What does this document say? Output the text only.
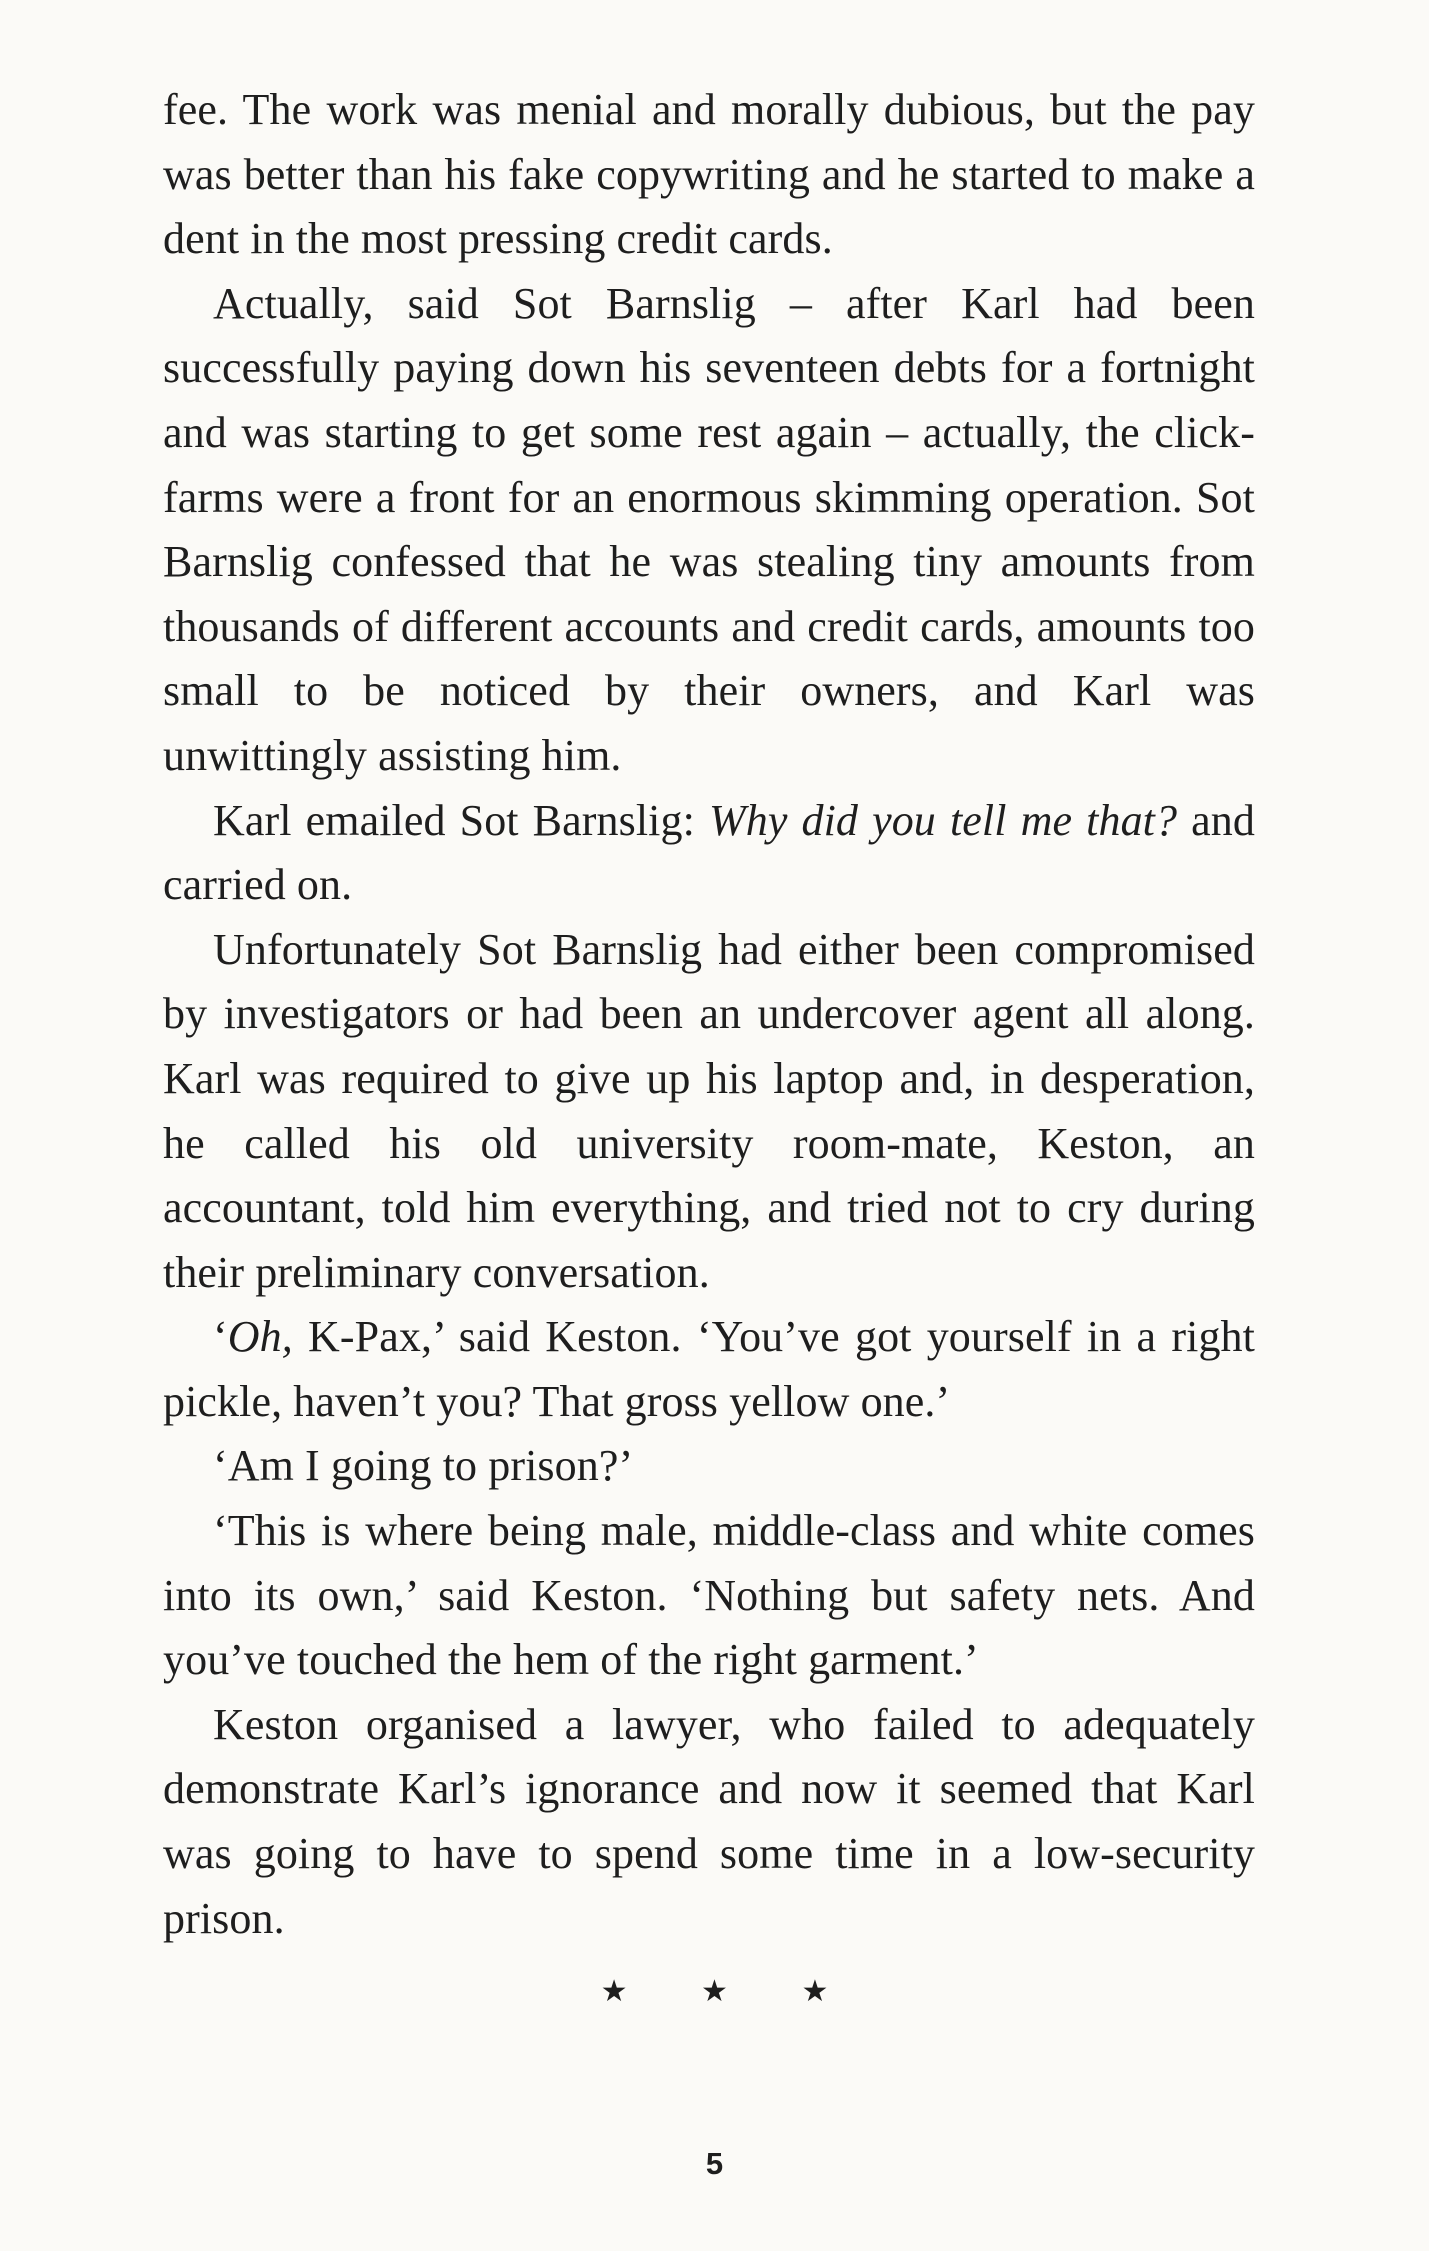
fee. The work was menial and morally dubious, but the pay was better than his fake copywriting and he started to make a dent in the most pressing credit cards.

Actually, said Sot Barnslig – after Karl had been successfully paying down his seventeen debts for a fortnight and was starting to get some rest again – actually, the click-farms were a front for an enormous skimming operation. Sot Barnslig confessed that he was stealing tiny amounts from thousands of different accounts and credit cards, amounts too small to be noticed by their owners, and Karl was unwittingly assisting him.

Karl emailed Sot Barnslig: Why did you tell me that? and carried on.

Unfortunately Sot Barnslig had either been compromised by investigators or had been an undercover agent all along. Karl was required to give up his laptop and, in desperation, he called his old university room-mate, Keston, an accountant, told him everything, and tried not to cry during their preliminary conversation.

‘Oh, K-Pax,’ said Keston. ‘You’ve got yourself in a right pickle, haven’t you? That gross yellow one.’

‘Am I going to prison?’

‘This is where being male, middle-class and white comes into its own,’ said Keston. ‘Nothing but safety nets. And you’ve touched the hem of the right garment.’

Keston organised a lawyer, who failed to adequately demonstrate Karl’s ignorance and now it seemed that Karl was going to have to spend some time in a low-security prison.

★ ★ ★
5
